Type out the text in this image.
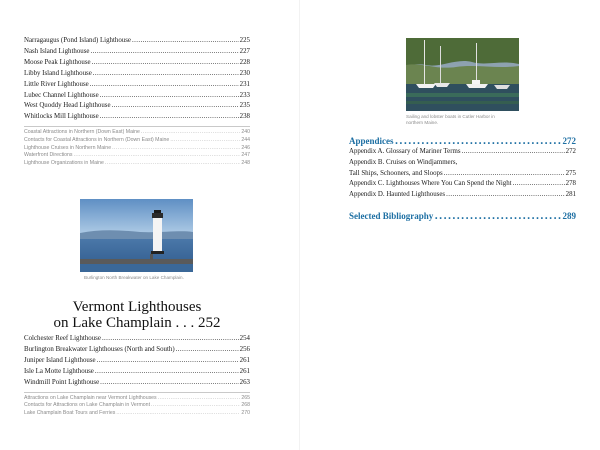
Narragaugus (Pond Island) Lighthouse .....	225
Nash Island Lighthouse .....	227
Moose Peak Lighthouse .....	228
Libby Island Lighthouse .....	230
Little River Lighthouse .....	231
Lubec Channel Lighthouse .....	233
West Quoddy Head Lighthouse .....	235
Whitlocks Mill Lighthouse .....	238
Coastal Attractions in Northern (Down East) Maine .....	240
Contacts for Coastal Attractions in Northern (Down East) Maine .....	244
Lighthouse Cruises in Northern Maine .....	246
Waterfront Directions .....	247
Lighthouse Organizations in Maine .....	248
Burlington North Breakwater on Lake Champlain.
Vermont Lighthouses
on Lake Champlain . . . 252
Colchester Reef Lighthouse .....	254
Burlington Breakwater Lighthouses (North and South) .....	256
Juniper Island Lighthouse .....	261
Isle La Motte Lighthouse .....	261
Windmill Point Lighthouse .....	263
Attractions on Lake Champlain near Vermont Lighthouses .....	265
Contacts for Attractions on Lake Champlain in Vermont .....	268
Lake Champlain Boat Tours and Ferries .....	270
Sailing and lobster boats in Cutler Harbor in
northern Maine.
Appendices .....	272
Appendix A. Glossary of Mariner Terms .....	272
Appendix B. Cruises on Windjammers,
Tall Ships, Schooners, and Sloops .....	275
Appendix C. Lighthouses Where You Can Spend the Night .....	278
Appendix D. Haunted Lighthouses .....	281
Selected Bibliography .....	289
